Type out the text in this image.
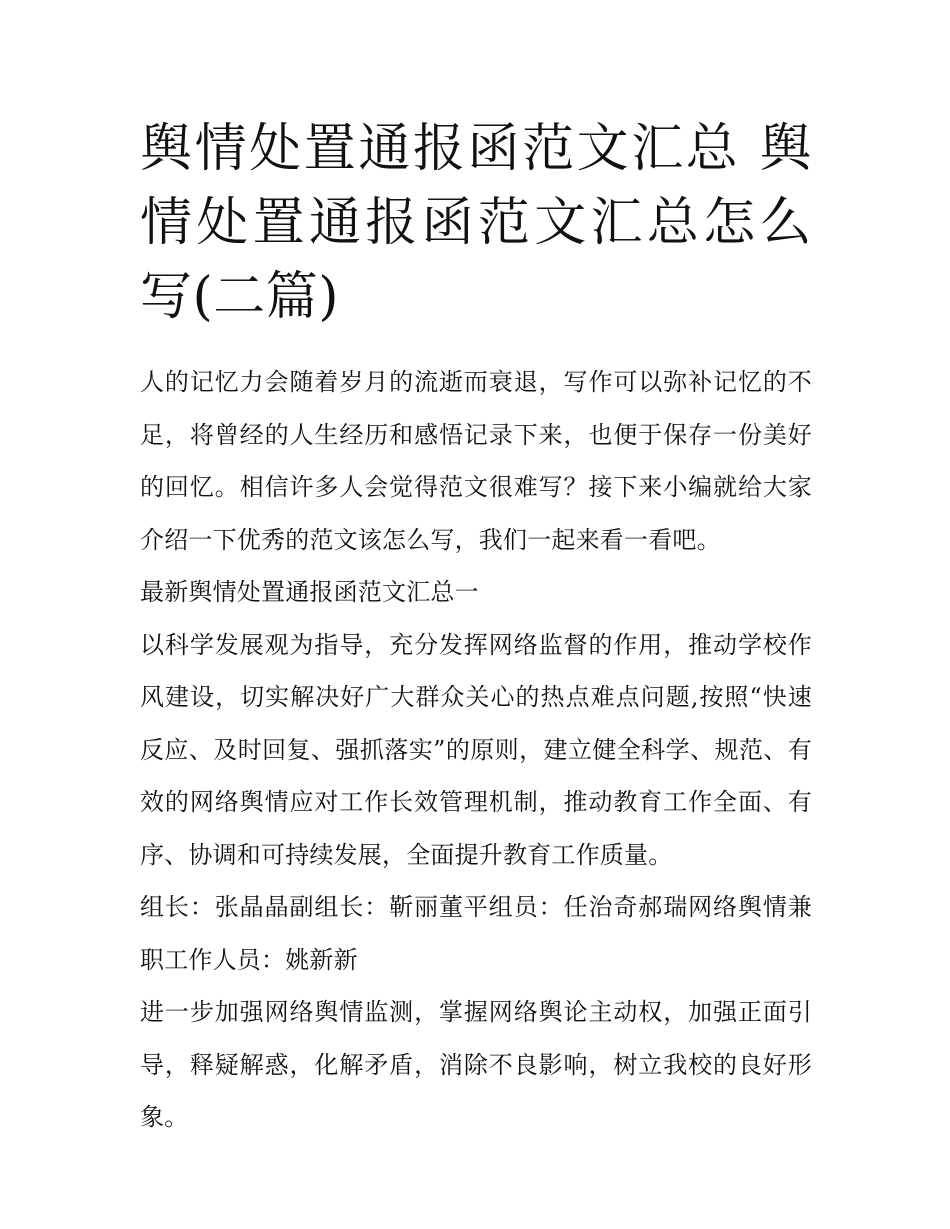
舆情处置通报函范文汇总 舆情处置通报函范文汇总怎么写(二篇)

人的记忆力会随着岁月的流逝而衰退，写作可以弥补记忆的不足，将曾经的人生经历和感悟记录下来，也便于保存一份美好的回忆。相信许多人会觉得范文很难写？接下来小编就给大家介绍一下优秀的范文该怎么写，我们一起来看一看吧。

最新舆情处置通报函范文汇总一

以科学发展观为指导，充分发挥网络监督的作用，推动学校作风建设，切实解决好广大群众关心的热点难点问题,按照“快速反应、及时回复、强抓落实”的原则，建立健全科学、规范、有效的网络舆情应对工作长效管理机制，推动教育工作全面、有序、协调和可持续发展，全面提升教育工作质量。

组长：张晶晶副组长：靳丽董平组员：任治奇郝瑞网络舆情兼职工作人员：姚新新

进一步加强网络舆情监测，掌握网络舆论主动权，加强正面引导，释疑解惑，化解矛盾，消除不良影响，树立我校的良好形象。
